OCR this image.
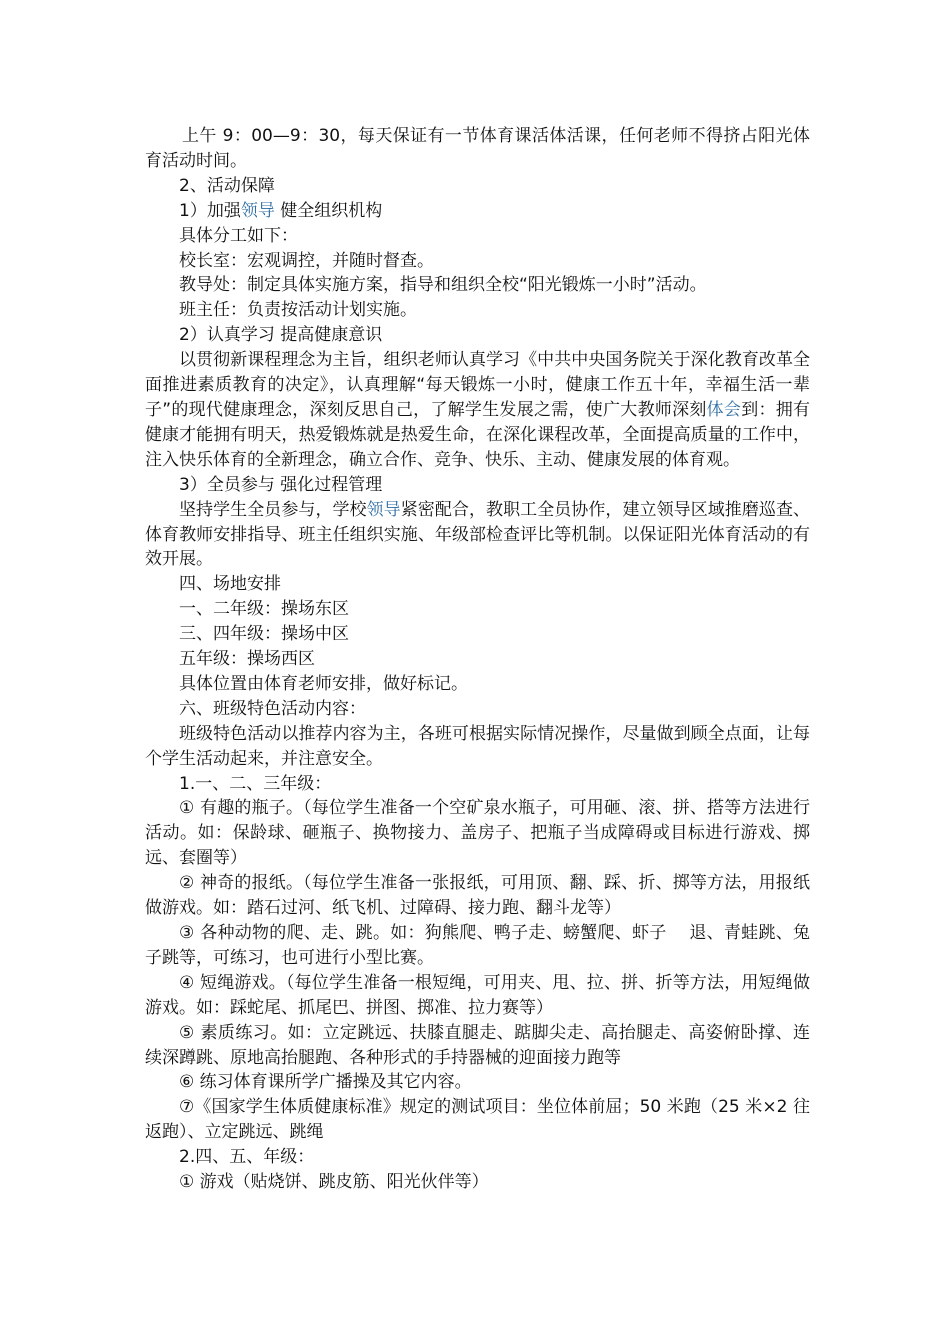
上午 9：00—9：30，每天保证有一节体育课活体活课，任何老师不得挤占阳光体育活动时间。

2、活动保障

1）加强领导 健全组织机构

具体分工如下：

校长室：宏观调控，并随时督查。

教导处：制定具体实施方案，指导和组织全校“阳光锻炼一小时”活动。

班主任：负责按活动计划实施。

2）认真学习 提高健康意识

以贯彻新课程理念为主旨，组织老师认真学习《中共中央国务院关于深化教育改革全面推进素质教育的决定》，认真理解“每天锻炼一小时，健康工作五十年，幸福生活一辈子”的现代健康理念，深刻反思自己，了解学生发展之需，使广大教师深刻体会到：拥有健康才能拥有明天，热爱锻炼就是热爱生命，在深化课程改革，全面提高质量的工作中，注入快乐体育的全新理念，确立合作、竞争、快乐、主动、健康发展的体育观。

3）全员参与 强化过程管理

坚持学生全员参与，学校领导紧密配合，教职工全员协作，建立领导区域推磨巡查、体育教师安排指导、班主任组织实施、年级部检查评比等机制。以保证阳光体育活动的有效开展。

四、场地安排

一、二年级：操场东区

三、四年级：操场中区

五年级：操场西区

具体位置由体育老师安排，做好标记。

六、班级特色活动内容：

班级特色活动以推荐内容为主，各班可根据实际情况操作，尽量做到顾全点面，让每个学生活动起来，并注意安全。

1.一、二、三年级：

① 有趣的瓶子。（每位学生准备一个空矿泉水瓶子，可用砸、滚、拼、搭等方法进行活动。如：保龄球、砸瓶子、换物接力、盖房子、把瓶子当成障碍或目标进行游戏、掷远、套圈等）

② 神奇的报纸。（每位学生准备一张报纸，可用顶、翻、踩、折、掷等方法，用报纸做游戏。如：踏石过河、纸飞机、过障碍、接力跑、翻斗龙等）

③ 各种动物的爬、走、跳。如：狗熊爬、鸭子走、螃蟹爬、虾子    退、青蛙跳、兔子跳等，可练习，也可进行小型比赛。

④ 短绳游戏。（每位学生准备一根短绳，可用夹、甩、拉、拼、折等方法，用短绳做游戏。如：踩蛇尾、抓尾巴、拼图、掷准、拉力赛等）

⑤ 素质练习。如：立定跳远、扶膝直腿走、踮脚尖走、高抬腿走、高姿俯卧撑、连续深蹲跳、原地高抬腿跑、各种形式的手持器械的迎面接力跑等

⑥ 练习体育课所学广播操及其它内容。

⑦《国家学生体质健康标准》规定的测试项目：坐位体前屈；50 米跑（25 米×2 往返跑）、立定跳远、跳绳

2.四、五、年级：

① 游戏（贴烧饼、跳皮筋、阳光伙伴等）
